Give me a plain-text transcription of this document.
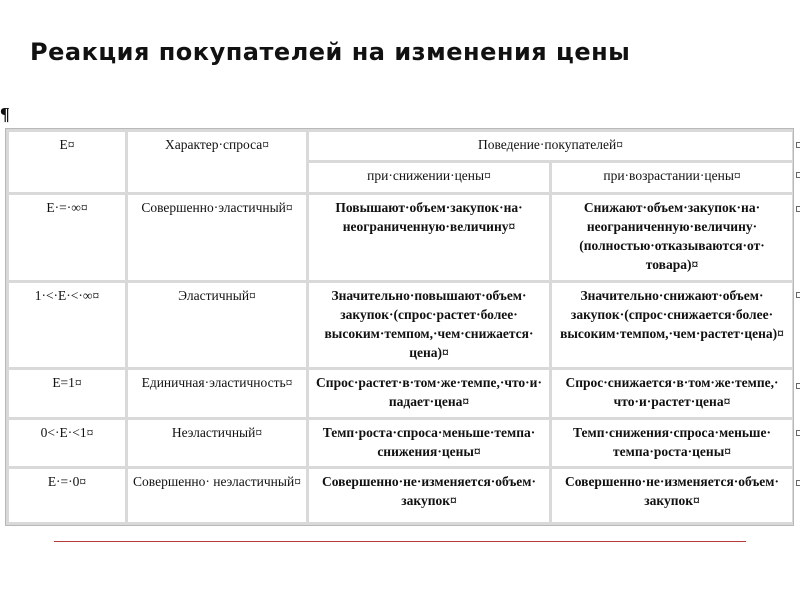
Реакция покупателей на изменения цены
¶
E¤	Характер·спроса¤	Поведение·покупателей¤	
		при·снижении·цены¤	при·возрастании·цены¤
E·=·∞¤	Совершенно·эластичный¤	Повышают·объем·закупок·на· неограниченную·величину¤	Снижают·объем·закупок·на· неограниченную·величину· (полностью·отказываются·от· товара)¤
1·<·E·<·∞¤	Эластичный¤	Значительно·повышают·объем· закупок·(спрос·растет·более· высоким·темпом,·чем·снижается· цена)¤	Значительно·снижают·объем· закупок·(спрос·снижается·более· высоким·темпом,·чем·растет·цена)¤
E=1¤	Единичная·эластичность¤	Спрос·растет·в·том·же·темпе,·что·и· падает·цена¤	Спрос·снижается·в·том·же·темпе,· что·и·растет·цена¤
0<·E·<1¤	Неэластичный¤	Темп·роста·спроса·меньше·темпа· снижения·цены¤	Темп·снижения·спроса·меньше· темпа·роста·цены¤
E·=·0¤	Совершенно· неэластичный¤	Совершенно·не·изменяется·объем· закупок¤	Совершенно·не·изменяется·объем· закупок¤
